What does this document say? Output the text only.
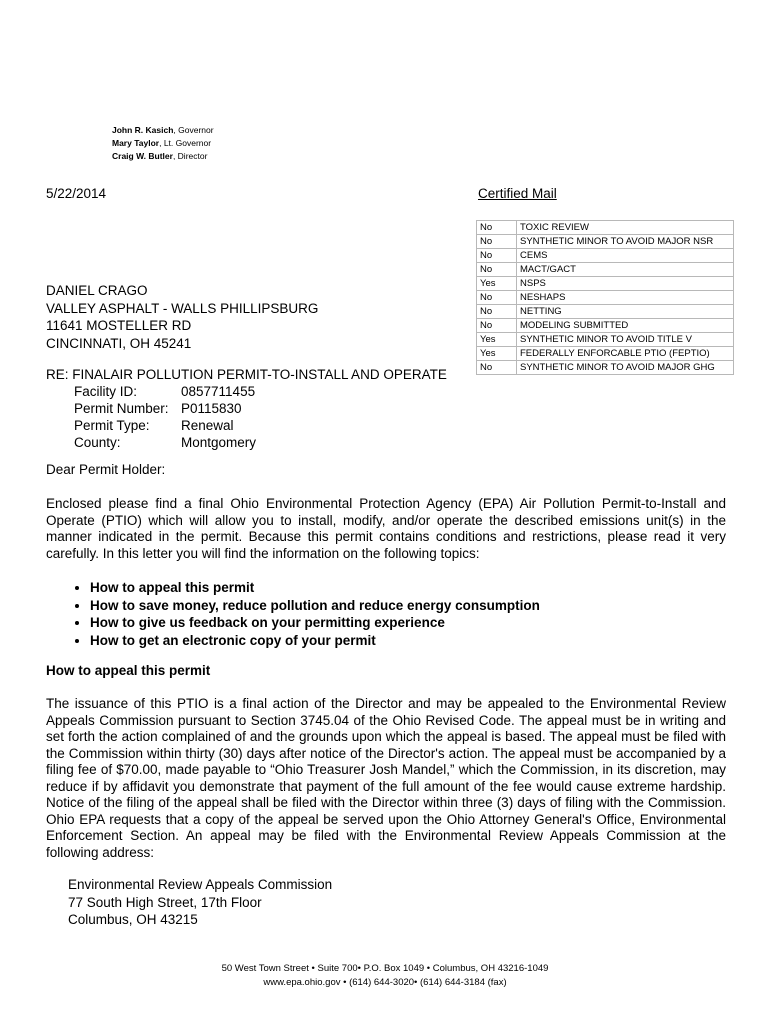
John R. Kasich, Governor
Mary Taylor, Lt. Governor
Craig W. Butler, Director
5/22/2014	Certified Mail
No	TOXIC REVIEW
No	SYNTHETIC MINOR TO AVOID MAJOR NSR
No	CEMS
No	MACT/GACT
Yes	NSPS
No	NESHAPS
No	NETTING
No	MODELING SUBMITTED
Yes	SYNTHETIC MINOR TO AVOID TITLE V
Yes	FEDERALLY ENFORCABLE PTIO (FEPTIO)
No	SYNTHETIC MINOR TO AVOID MAJOR GHG
DANIEL CRAGO
VALLEY ASPHALT - WALLS PHILLIPSBURG
11641 MOSTELLER RD
CINCINNATI, OH 45241
RE: FINALAIR POLLUTION PERMIT-TO-INSTALL AND OPERATE
Facility ID:	0857711455
Permit Number: P0115830
Permit Type:	Renewal
County:	Montgomery
Dear Permit Holder:
Enclosed please find a final Ohio Environmental Protection Agency (EPA) Air Pollution Permit-to-Install and Operate (PTIO) which will allow you to install, modify, and/or operate the described emissions unit(s) in the manner indicated in the permit. Because this permit contains conditions and restrictions, please read it very carefully. In this letter you will find the information on the following topics:
• How to appeal this permit
• How to save money, reduce pollution and reduce energy consumption
• How to give us feedback on your permitting experience
• How to get an electronic copy of your permit
How to appeal this permit
The issuance of this PTIO is a final action of the Director and may be appealed to the Environmental Review Appeals Commission pursuant to Section 3745.04 of the Ohio Revised Code. The appeal must be in writing and set forth the action complained of and the grounds upon which the appeal is based. The appeal must be filed with the Commission within thirty (30) days after notice of the Director's action. The appeal must be accompanied by a filing fee of $70.00, made payable to “Ohio Treasurer Josh Mandel,” which the Commission, in its discretion, may reduce if by affidavit you demonstrate that payment of the full amount of the fee would cause extreme hardship. Notice of the filing of the appeal shall be filed with the Director within three (3) days of filing with the Commission. Ohio EPA requests that a copy of the appeal be served upon the Ohio Attorney General's Office, Environmental Enforcement Section. An appeal may be filed with the Environmental Review Appeals Commission at the following address:
Environmental Review Appeals Commission
77 South High Street, 17th Floor
Columbus, OH 43215
50 West Town Street • Suite 700• P.O. Box 1049 • Columbus, OH 43216-1049
www.epa.ohio.gov • (614) 644-3020• (614) 644-3184 (fax)
